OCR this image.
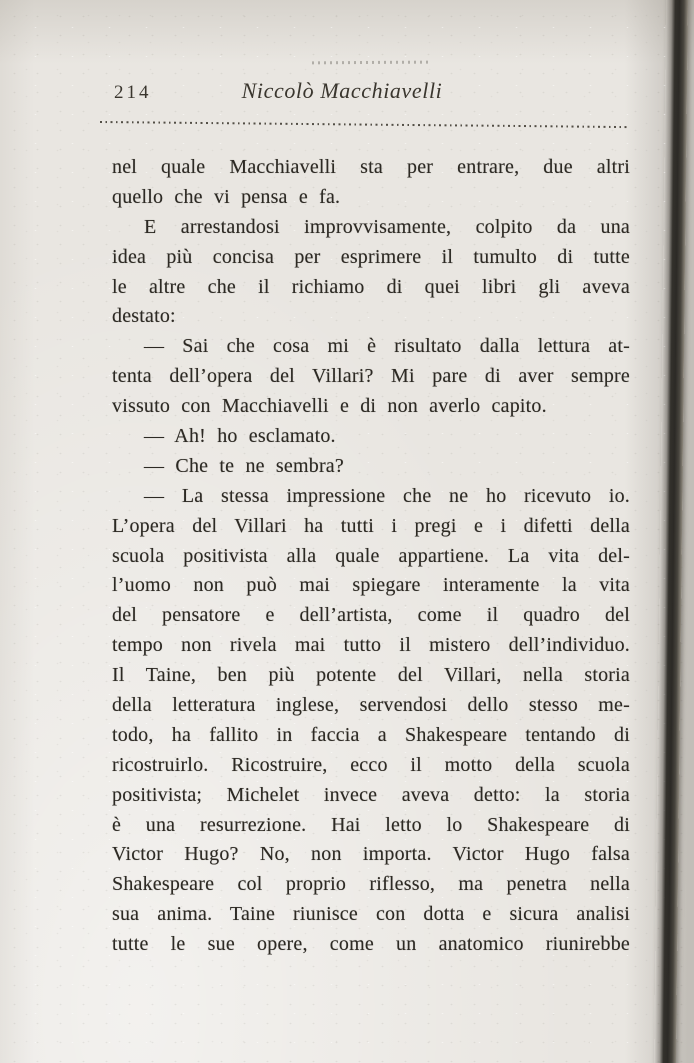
214	Niccolò Macchiavelli
nel quale Macchiavelli sta per entrare, due altri
quello che vi pensa e fa.
E arrestandosi improvvisamente, colpito da una
idea più concisa per esprimere il tumulto di tutte
le altre che il richiamo di quei libri gli aveva
destato:
— Sai che cosa mi è risultato dalla lettura at-
tenta dell’opera del Villari? Mi pare di aver sempre
vissuto con Macchiavelli e di non averlo capito.
— Ah! ho esclamato.
— Che te ne sembra?
— La stessa impressione che ne ho ricevuto io.
L’opera del Villari ha tutti i pregi e i difetti della
scuola positivista alla quale appartiene. La vita del-
l’uomo non può mai spiegare interamente la vita
del pensatore e dell’artista, come il quadro del
tempo non rivela mai tutto il mistero dell’individuo.
Il Taine, ben più potente del Villari, nella storia
della letteratura inglese, servendosi dello stesso me-
todo, ha fallito in faccia a Shakespeare tentando di
ricostruirlo. Ricostruire, ecco il motto della scuola
positivista; Michelet invece aveva detto: la storia
è una resurrezione. Hai letto lo Shakespeare di
Victor Hugo? No, non importa. Victor Hugo falsa
Shakespeare col proprio riflesso, ma penetra nella
sua anima. Taine riunisce con dotta e sicura analisi
tutte le sue opere, come un anatomico riunirebbe
